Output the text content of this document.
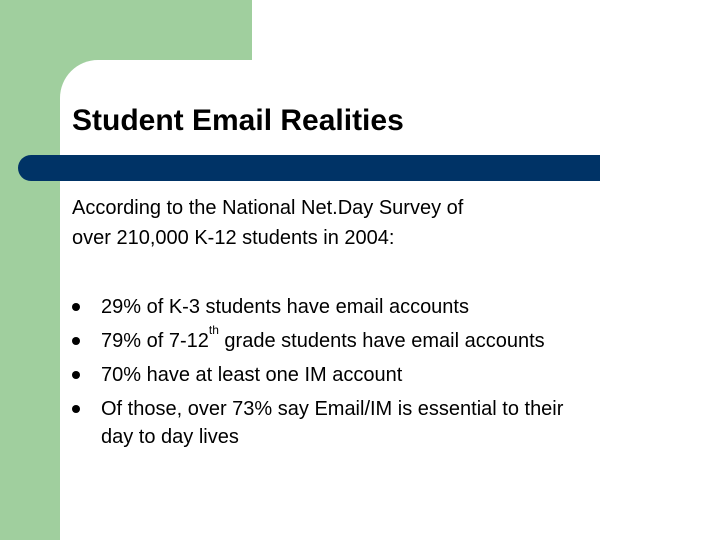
Student Email Realities

According to the National Net.Day Survey of
over 210,000 K-12 students in 2004:

29% of K-3 students have email accounts
79% of 7-12th grade students have email accounts
70% have at least one IM account
Of those, over 73% say Email/IM is essential to their
day to day lives
